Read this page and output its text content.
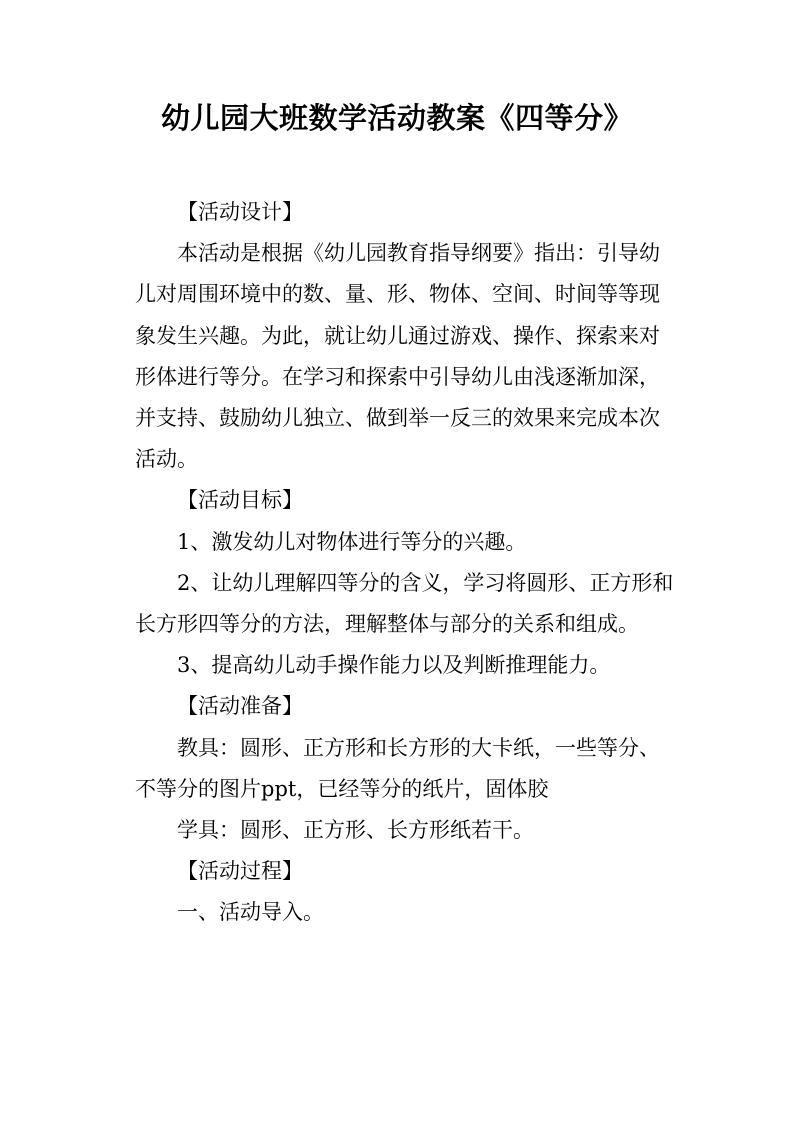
幼儿园大班数学活动教案《四等分》

【活动设计】

本活动是根据《幼儿园教育指导纲要》指出：引导幼儿对周围环境中的数、量、形、物体、空间、时间等等现象发生兴趣。为此，就让幼儿通过游戏、操作、探索来对形体进行等分。在学习和探索中引导幼儿由浅逐渐加深，并支持、鼓励幼儿独立、做到举一反三的效果来完成本次活动。

【活动目标】

1、激发幼儿对物体进行等分的兴趣。

2、让幼儿理解四等分的含义，学习将圆形、正方形和长方形四等分的方法，理解整体与部分的关系和组成。

3、提高幼儿动手操作能力以及判断推理能力。

【活动准备】

教具：圆形、正方形和长方形的大卡纸，一些等分、不等分的图片ppt，已经等分的纸片，固体胶

学具：圆形、正方形、长方形纸若干。

【活动过程】

一、活动导入。
